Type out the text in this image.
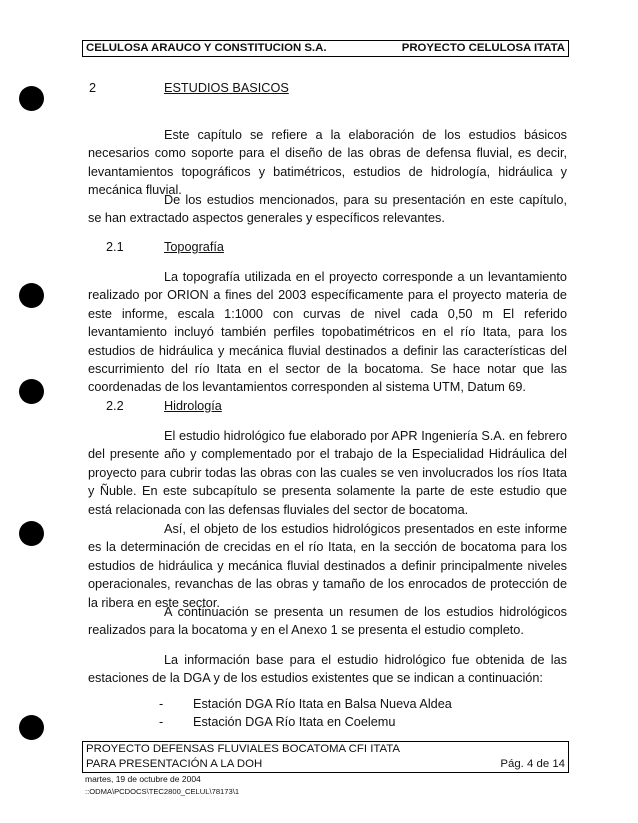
CELULOSA ARAUCO Y CONSTITUCION S.A.	PROYECTO CELULOSA ITATA
2	ESTUDIOS BASICOS

Este capítulo se refiere a la elaboración de los estudios básicos necesarios como soporte para el diseño de las obras de defensa fluvial, es decir, levantamientos topográficos y batimétricos, estudios de hidrología, hidráulica y mecánica fluvial.

De los estudios mencionados, para su presentación en este capítulo, se han extractado aspectos generales y específicos relevantes.

2.1	Topografía

La topografía utilizada en el proyecto corresponde a un levantamiento realizado por ORION a fines del 2003 específicamente para el proyecto materia de este informe, escala 1:1000 con curvas de nivel cada 0,50 m El referido levantamiento incluyó también perfiles topobatimétricos en el río Itata, para los estudios de hidráulica y mecánica fluvial destinados a definir las características del escurrimiento del río Itata en el sector de la bocatoma. Se hace notar que las coordenadas de los levantamientos corresponden al sistema UTM, Datum 69.

2.2	Hidrología

El estudio hidrológico fue elaborado por APR Ingeniería S.A. en febrero del presente año y complementado por el trabajo de la Especialidad Hidráulica del proyecto para cubrir todas las obras con las cuales se ven involucrados los ríos Itata y Ñuble. En este subcapítulo se presenta solamente la parte de este estudio que está relacionada con las defensas fluviales del sector de bocatoma.

Así, el objeto de los estudios hidrológicos presentados en este informe es la determinación de crecidas en el río Itata, en la sección de bocatoma para los estudios de hidráulica y mecánica fluvial destinados a definir principalmente niveles operacionales, revanchas de las obras y tamaño de los enrocados de protección de la ribera en este sector.

A continuación se presenta un resumen de los estudios hidrológicos realizados para la bocatoma y en el Anexo 1 se presenta el estudio completo.

La información base para el estudio hidrológico fue obtenida de las estaciones de la DGA y de los estudios existentes que se indican a continuación:

- Estación DGA Río Itata en Balsa Nueva Aldea
- Estación DGA Río Itata en Coelemu
PROYECTO DEFENSAS FLUVIALES BOCATOMA CFI ITATA
PARA PRESENTACIÓN A LA DOH	Pág. 4 de 14
martes, 19 de octubre de 2004
::ODMA\PCDOCS\TEC2800_CELUL\78173\1
